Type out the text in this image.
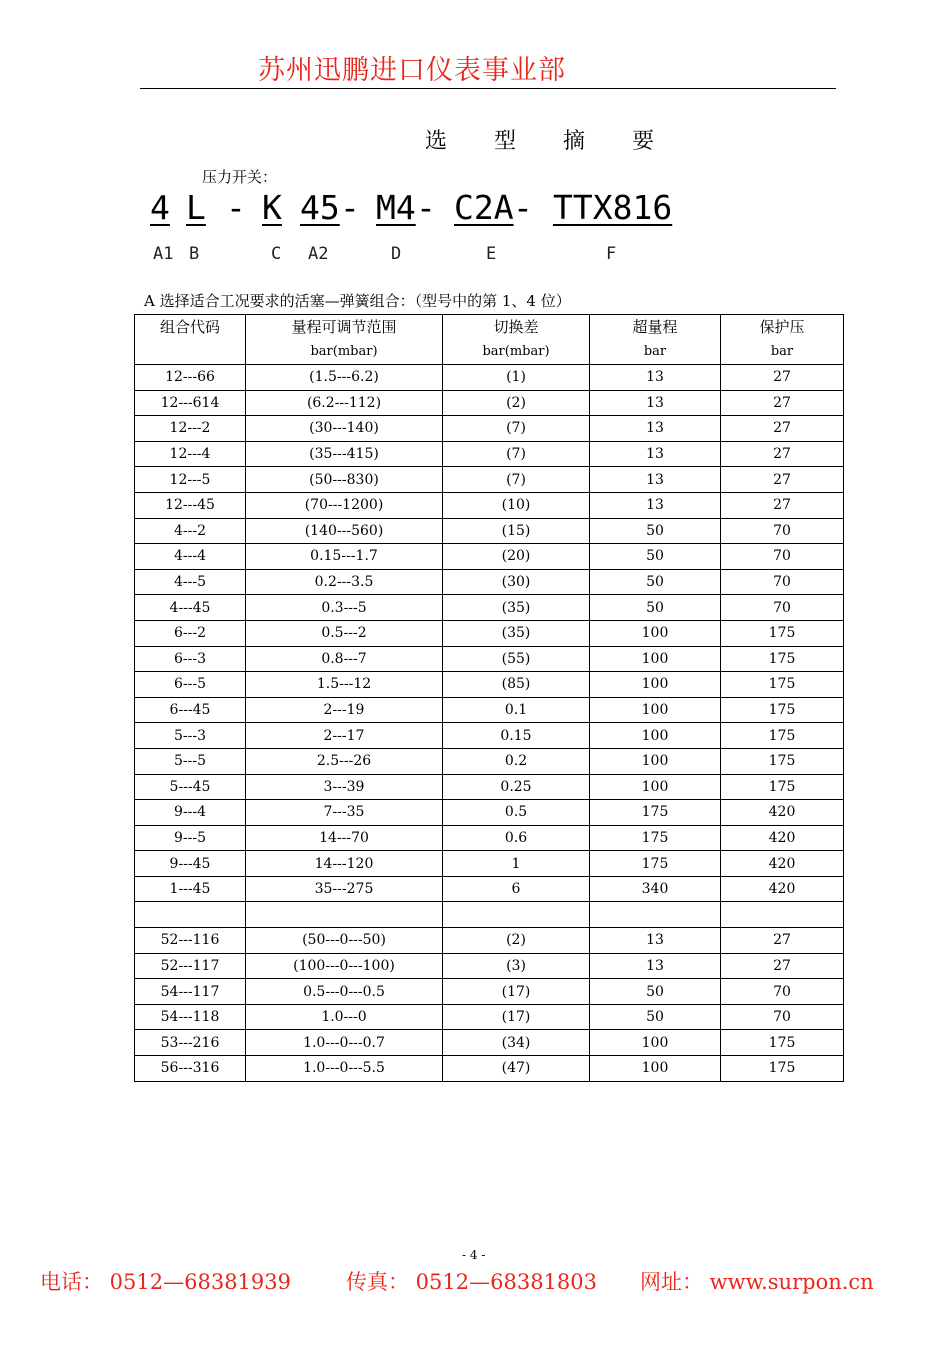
苏州迅鹏进口仪表事业部
选 型 摘 要
压力开关：
4 L - K 45 - M4 - C2A - TTX816
A1 B	C A2	D	E	F
A 选择适合工况要求的活塞—弹簧组合：（型号中的第 1、4 位）
组合代码	量程可调节范围	切换差	超量程	保护压
	bar(mbar)	bar(mbar)	bar	bar
12---66	(1.5---6.2)	(1)	13	27
12---614	(6.2---112)	(2)	13	27
12---2	(30---140)	(7)	13	27
12---4	(35---415)	(7)	13	27
12---5	(50---830)	(7)	13	27
12---45	(70---1200)	(10)	13	27
4---2	(140---560)	(15)	50	70
4---4	0.15---1.7	(20)	50	70
4---5	0.2---3.5	(30)	50	70
4---45	0.3---5	(35)	50	70
6---2	0.5---2	(35)	100	175
6---3	0.8---7	(55)	100	175
6---5	1.5---12	(85)	100	175
6---45	2---19	0.1	100	175
5---3	2---17	0.15	100	175
5---5	2.5---26	0.2	100	175
5---45	3---39	0.25	100	175
9---4	7---35	0.5	175	420
9---5	14---70	0.6	175	420
9---45	14---120	1	175	420
1---45	35---275	6	340	420

52---116	(50---0---50)	(2)	13	27
52---117	(100---0---100)	(3)	13	27
54---117	0.5---0---0.5	(17)	50	70
54---118	1.0---0	(17)	50	70
53---216	1.0---0---0.7	(34)	100	175
56---316	1.0---0---5.5	(47)	100	175
- 4 -
电话： 0512—68381939	传真： 0512—68381803 网址： www.surpon.cn
